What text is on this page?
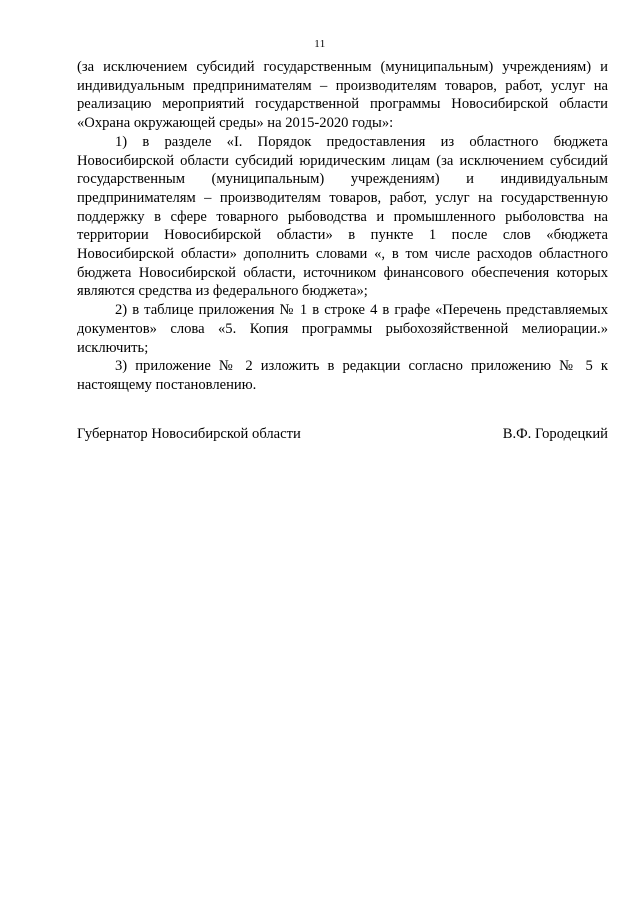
11

(за исключением субсидий государственным (муниципальным) учреждениям) и индивидуальным предпринимателям – производителям товаров, работ, услуг на реализацию мероприятий государственной программы Новосибирской области «Охрана окружающей среды» на 2015-2020 годы»:

1) в разделе «I. Порядок предоставления из областного бюджета Новосибирской области субсидий юридическим лицам (за исключением субсидий государственным (муниципальным) учреждениям) и индивидуальным предпринимателям – производителям товаров, работ, услуг на государственную поддержку в сфере товарного рыбоводства и промышленного рыболовства на территории Новосибирской области» в пункте 1 после слов «бюджета Новосибирской области» дополнить словами «, в том числе расходов областного бюджета Новосибирской области, источником финансового обеспечения которых являются средства из федерального бюджета»;

2) в таблице приложения № 1 в строке 4 в графе «Перечень представляемых документов» слова «5. Копия программы рыбохозяйственной мелиорации.» исключить;

3) приложение № 2 изложить в редакции согласно приложению № 5 к настоящему постановлению.

Губернатор Новосибирской области	В.Ф. Городецкий
